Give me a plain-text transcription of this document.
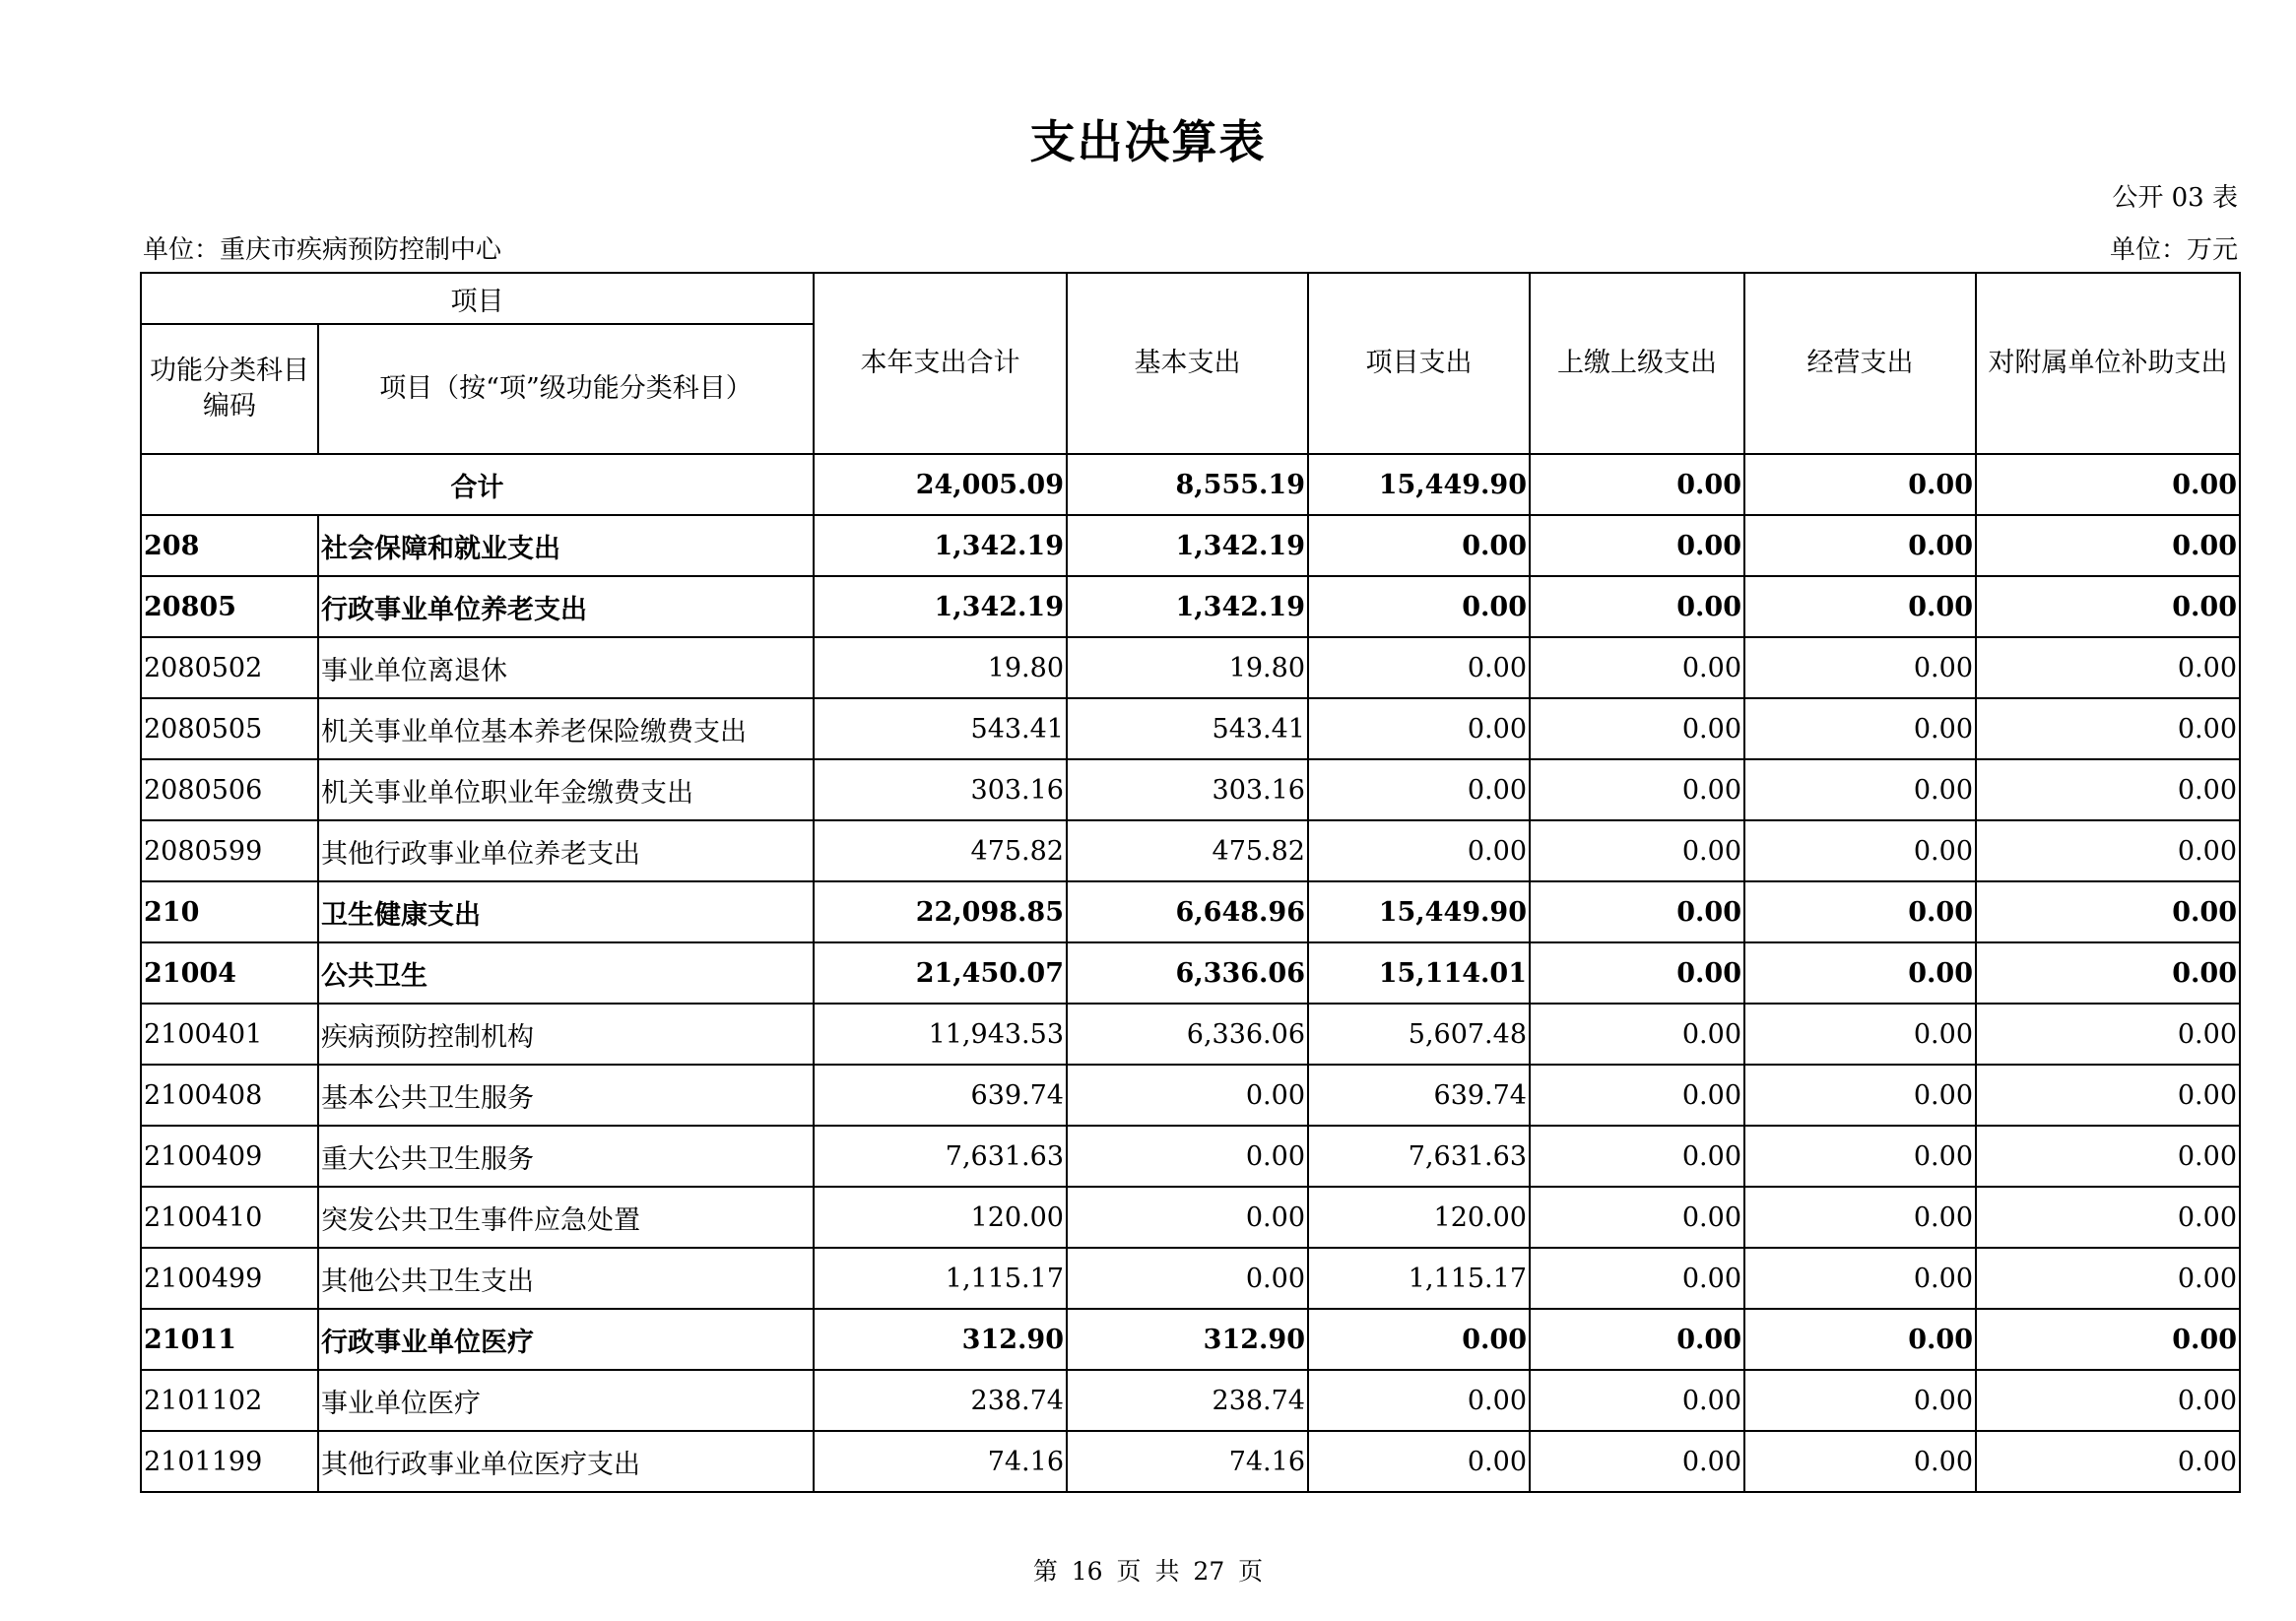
支出决算表
公开 03 表
单位：重庆市疾病预防控制中心	单位：万元
项目		本年支出合计	基本支出	项目支出	上缴上级支出	经营支出	对附属单位补助支出
功能分类科目编码	项目（按“项”级功能分类科目）						
合计		24,005.09	8,555.19	15,449.90	0.00	0.00	0.00
208	社会保障和就业支出	1,342.19	1,342.19	0.00	0.00	0.00	0.00
20805	行政事业单位养老支出	1,342.19	1,342.19	0.00	0.00	0.00	0.00
2080502	事业单位离退休	19.80	19.80	0.00	0.00	0.00	0.00
2080505	机关事业单位基本养老保险缴费支出	543.41	543.41	0.00	0.00	0.00	0.00
2080506	机关事业单位职业年金缴费支出	303.16	303.16	0.00	0.00	0.00	0.00
2080599	其他行政事业单位养老支出	475.82	475.82	0.00	0.00	0.00	0.00
210	卫生健康支出	22,098.85	6,648.96	15,449.90	0.00	0.00	0.00
21004	公共卫生	21,450.07	6,336.06	15,114.01	0.00	0.00	0.00
2100401	疾病预防控制机构	11,943.53	6,336.06	5,607.48	0.00	0.00	0.00
2100408	基本公共卫生服务	639.74	0.00	639.74	0.00	0.00	0.00
2100409	重大公共卫生服务	7,631.63	0.00	7,631.63	0.00	0.00	0.00
2100410	突发公共卫生事件应急处置	120.00	0.00	120.00	0.00	0.00	0.00
2100499	其他公共卫生支出	1,115.17	0.00	1,115.17	0.00	0.00	0.00
21011	行政事业单位医疗	312.90	312.90	0.00	0.00	0.00	0.00
2101102	事业单位医疗	238.74	238.74	0.00	0.00	0.00	0.00
2101199	其他行政事业单位医疗支出	74.16	74.16	0.00	0.00	0.00	0.00
第 16 页 共 27 页
